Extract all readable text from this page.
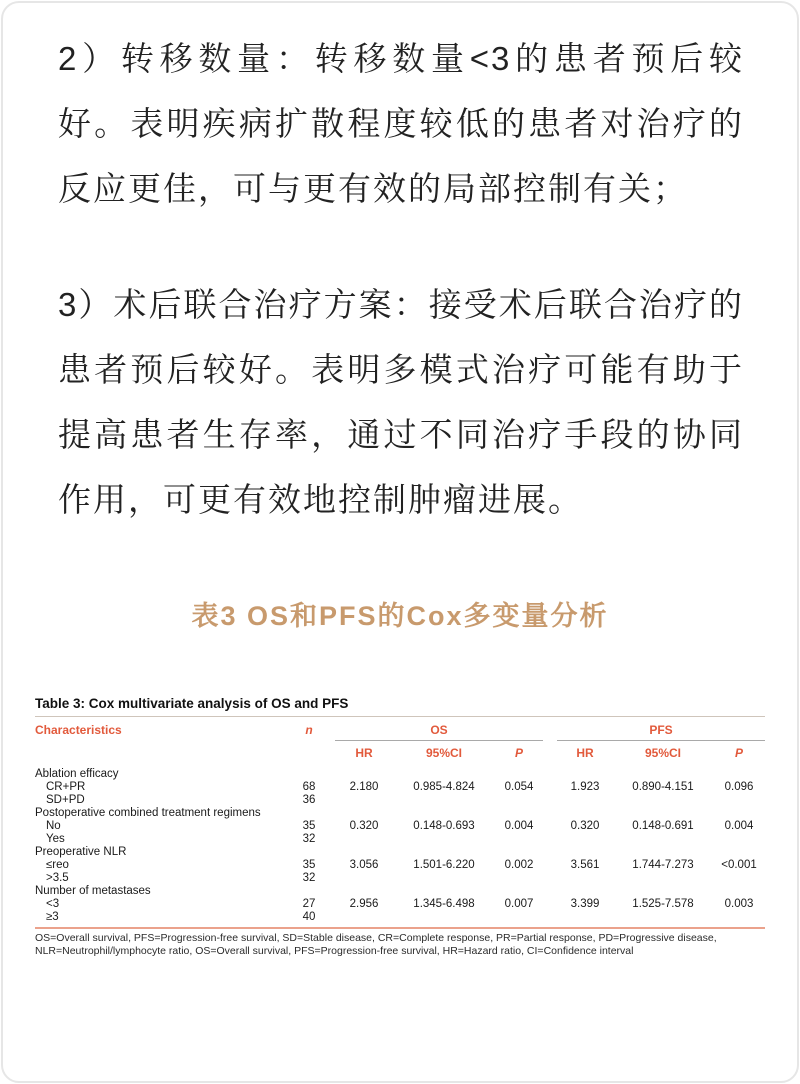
2）转移数量：转移数量<3的患者预后较好。表明疾病扩散程度较低的患者对治疗的反应更佳，可与更有效的局部控制有关；

3）术后联合治疗方案：接受术后联合治疗的患者预后较好。表明多模式治疗可能有助于提高患者生存率，通过不同治疗手段的协同作用，可更有效地控制肿瘤进展。

表3 OS和PFS的Cox多变量分析
Table 3: Cox multivariate analysis of OS and PFS
Characteristics	n	OS				PFS		
		HR	95%CI	P		HR	95%CI	P
Ablation efficacy								
CR+PR	68	2.180	0.985-4.824	0.054		1.923	0.890-4.151	0.096
SD+PD	36							
Postoperative combined treatment regimens								
No	35	0.320	0.148-0.693	0.004		0.320	0.148-0.691	0.004
Yes	32							
Preoperative NLR								
≤reo	35	3.056	1.501-6.220	0.002		3.561	1.744-7.273	<0.001
>3.5	32							
Number of metastases								
<3	27	2.956	1.345-6.498	0.007		3.399	1.525-7.578	0.003
≥3	40							
OS=Overall survival, PFS=Progression-free survival, SD=Stable disease, CR=Complete response, PR=Partial response, PD=Progressive disease,
NLR=Neutrophil/lymphocyte ratio, OS=Overall survival, PFS=Progression-free survival, HR=Hazard ratio, CI=Confidence interval
